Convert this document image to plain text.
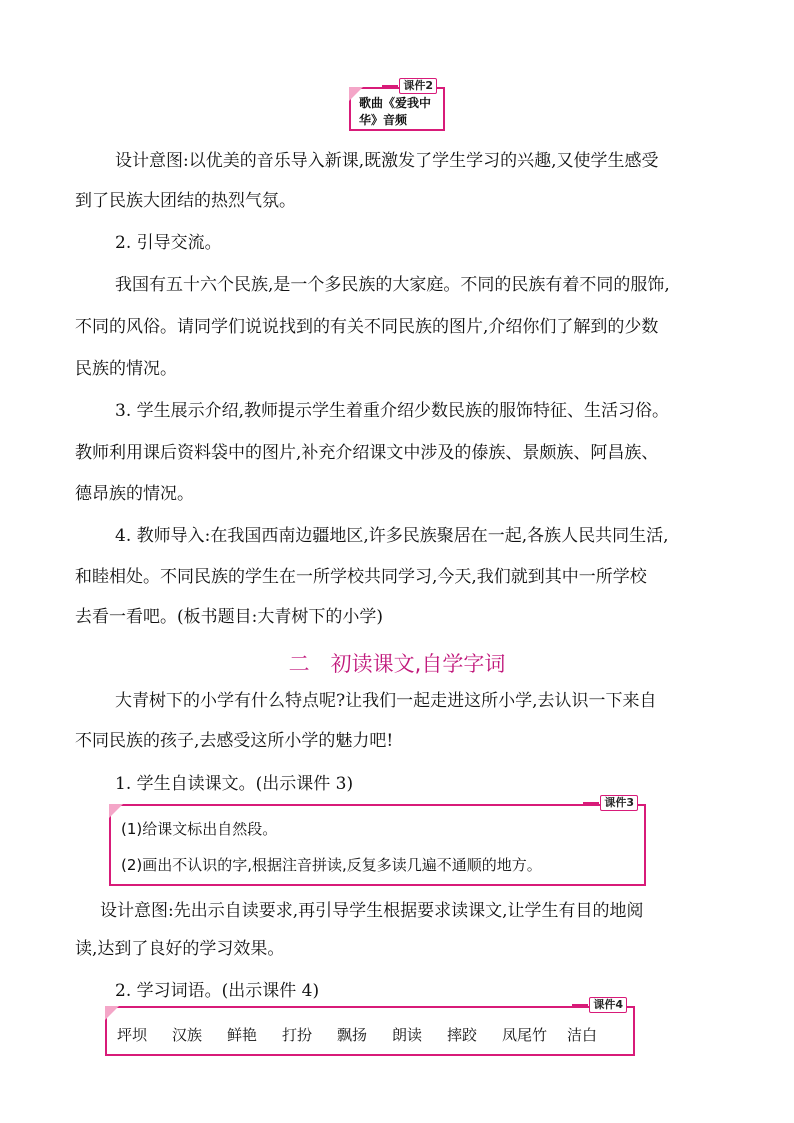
课件2
歌曲《爱我中
华》音频
设计意图:以优美的音乐导入新课,既激发了学生学习的兴趣,又使学生感受
到了民族大团结的热烈气氛。
2. 引导交流。
我国有五十六个民族,是一个多民族的大家庭。不同的民族有着不同的服饰,
不同的风俗。请同学们说说找到的有关不同民族的图片,介绍你们了解到的少数
民族的情况。
3. 学生展示介绍,教师提示学生着重介绍少数民族的服饰特征、生活习俗。
教师利用课后资料袋中的图片,补充介绍课文中涉及的傣族、景颇族、阿昌族、
德昂族的情况。
4. 教师导入:在我国西南边疆地区,许多民族聚居在一起,各族人民共同生活,
和睦相处。不同民族的学生在一所学校共同学习,今天,我们就到其中一所学校
去看一看吧。(板书题目:大青树下的小学)
二　初读课文,自学字词
大青树下的小学有什么特点呢?让我们一起走进这所小学,去认识一下来自
不同民族的孩子,去感受这所小学的魅力吧!
1. 学生自读课文。(出示课件 3)
课件3
(1)给课文标出自然段。
(2)画出不认识的字,根据注音拼读,反复多读几遍不通顺的地方。
设计意图:先出示自读要求,再引导学生根据要求读课文,让学生有目的地阅
读,达到了良好的学习效果。
2. 学习词语。(出示课件 4)
课件4
坪坝	汉族	鲜艳	打扮	飘扬	朗读	摔跤	凤尾竹	洁白
